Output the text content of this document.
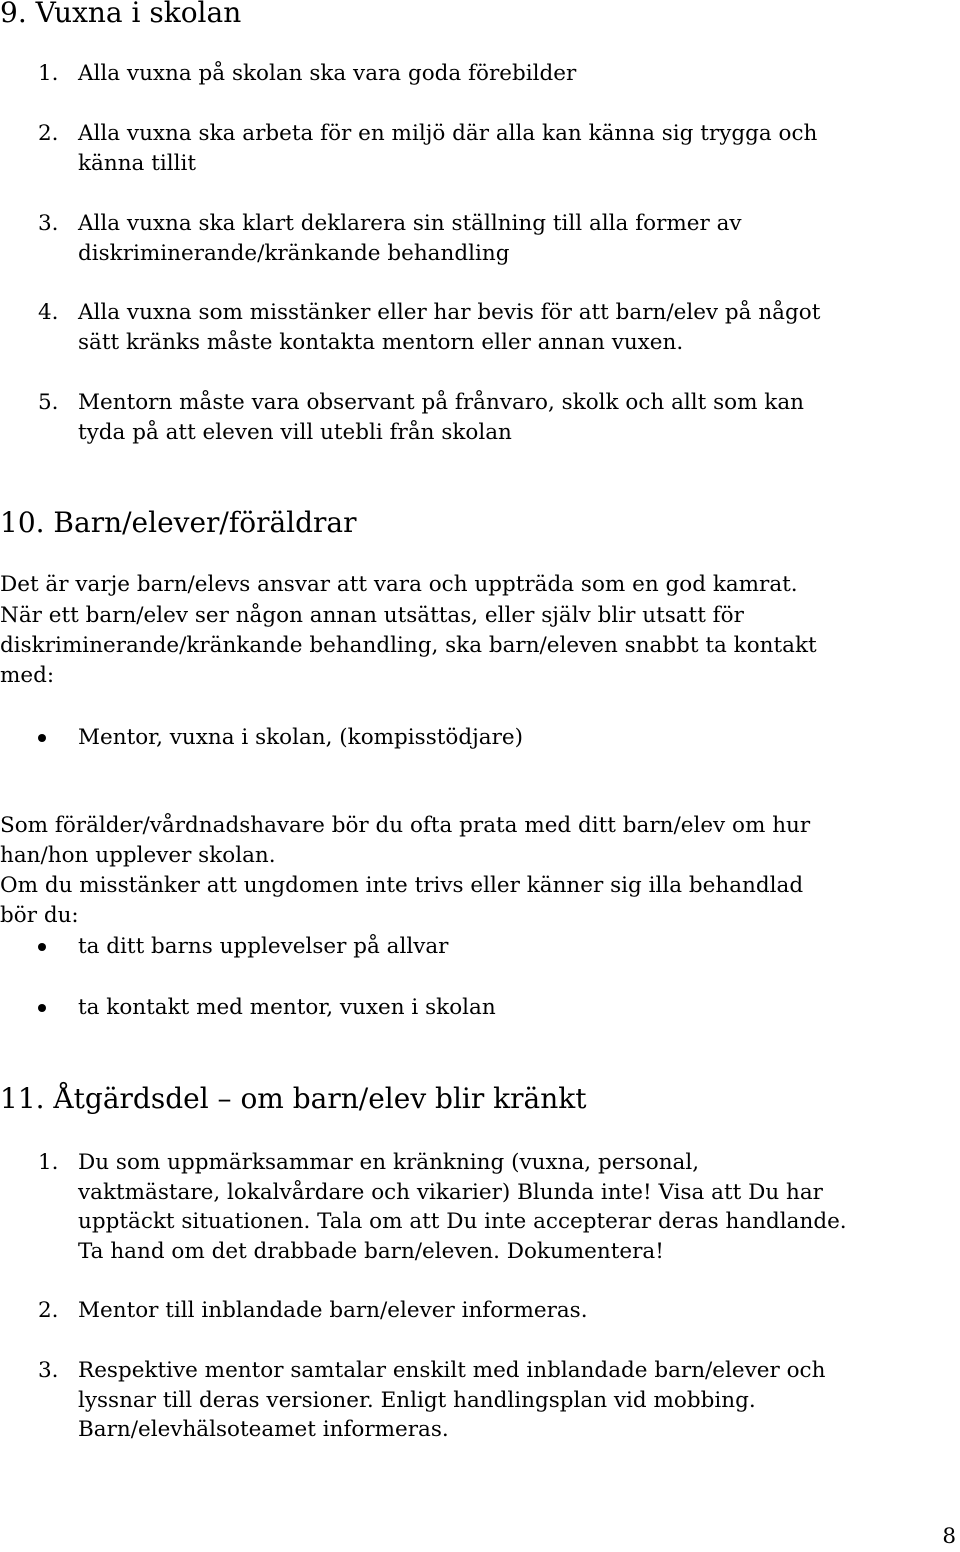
9. Vuxna i skolan

1. Alla vuxna på skolan ska vara goda förebilder

2. Alla vuxna ska arbeta för en miljö där alla kan känna sig trygga och

känna tillit

3. Alla vuxna ska klart deklarera sin ställning till alla former av

diskriminerande/kränkande behandling

4. Alla vuxna som misstänker eller har bevis för att barn/elev på något

sätt kränks måste kontakta mentorn eller annan vuxen.

5. Mentorn måste vara observant på frånvaro, skolk och allt som kan

tyda på att eleven vill utebli från skolan

10. Barn/elever/föräldrar

Det är varje barn/elevs ansvar att vara och uppträda som en god kamrat.

När ett barn/elev ser någon annan utsättas, eller själv blir utsatt för

diskriminerande/kränkande behandling, ska barn/eleven snabbt ta kontakt

med:

Mentor, vuxna i skolan, (kompisstödjare)

Som förälder/vårdnadshavare bör du ofta prata med ditt barn/elev om hur

han/hon upplever skolan.

Om du misstänker att ungdomen inte trivs eller känner sig illa behandlad

bör du:

ta ditt barns upplevelser på allvar

ta kontakt med mentor, vuxen i skolan

11. Åtgärdsdel – om barn/elev blir kränkt

1. Du som uppmärksammar en kränkning (vuxna, personal,

vaktmästare, lokalvårdare och vikarier) Blunda inte! Visa att Du har

upptäckt situationen. Tala om att Du inte accepterar deras handlande.

Ta hand om det drabbade barn/eleven. Dokumentera!

2. Mentor till inblandade barn/elever informeras.

3. Respektive mentor samtalar enskilt med inblandade barn/elever och

lyssnar till deras versioner. Enligt handlingsplan vid mobbing.

Barn/elevhälsoteamet informeras.

8
